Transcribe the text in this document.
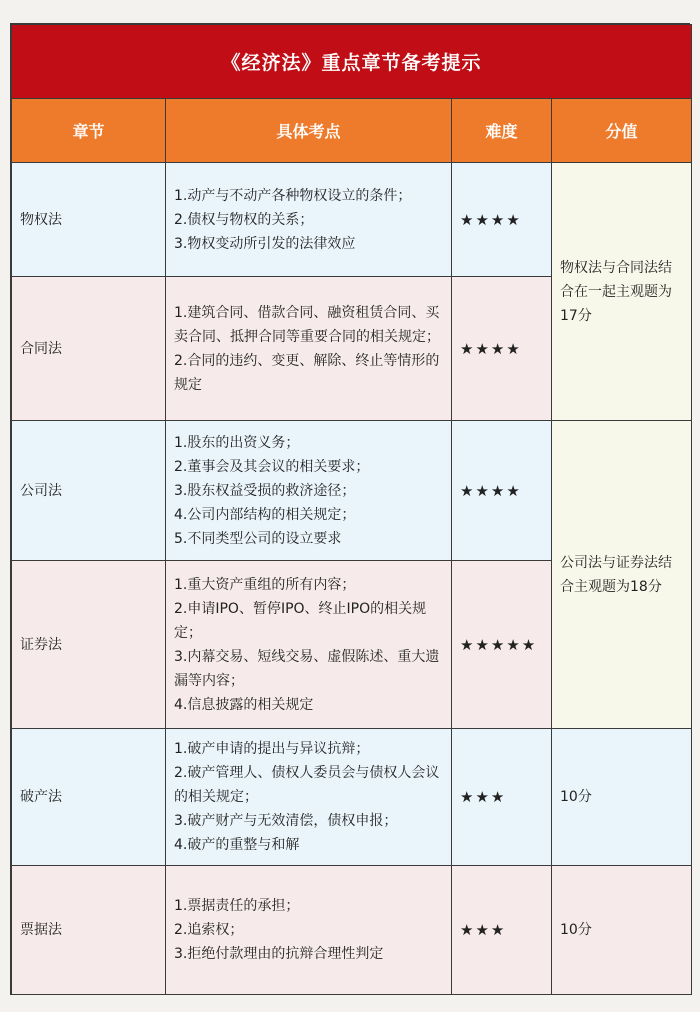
《经济法》重点章节备考提示			
章节	具体考点	难度	分值
物权法	1.动产与不动产各种物权设立的条件；
2.债权与物权的关系；
3.物权变动所引发的法律效应	★★★★	物权法与合同法结合在一起主观题为17分
合同法	1.建筑合同、借款合同、融资租赁合同、买卖合同、抵押合同等重要合同的相关规定；
2.合同的违约、变更、解除、终止等情形的规定	★★★★	
公司法	1.股东的出资义务；
2.董事会及其会议的相关要求；
3.股东权益受损的救济途径；
4.公司内部结构的相关规定；
5.不同类型公司的设立要求	★★★★	公司法与证券法结合主观题为18分
证券法	1.重大资产重组的所有内容；
2.申请IPO、暂停IPO、终止IPO的相关规定；
3.内幕交易、短线交易、虚假陈述、重大遗漏等内容；
4.信息披露的相关规定	★★★★★	
破产法	1.破产申请的提出与异议抗辩；
2.破产管理人、债权人委员会与债权人会议的相关规定；
3.破产财产与无效清偿，债权申报；
4.破产的重整与和解	★★★	10分
票据法	1.票据责任的承担；
2.追索权；
3.拒绝付款理由的抗辩合理性判定	★★★	10分
